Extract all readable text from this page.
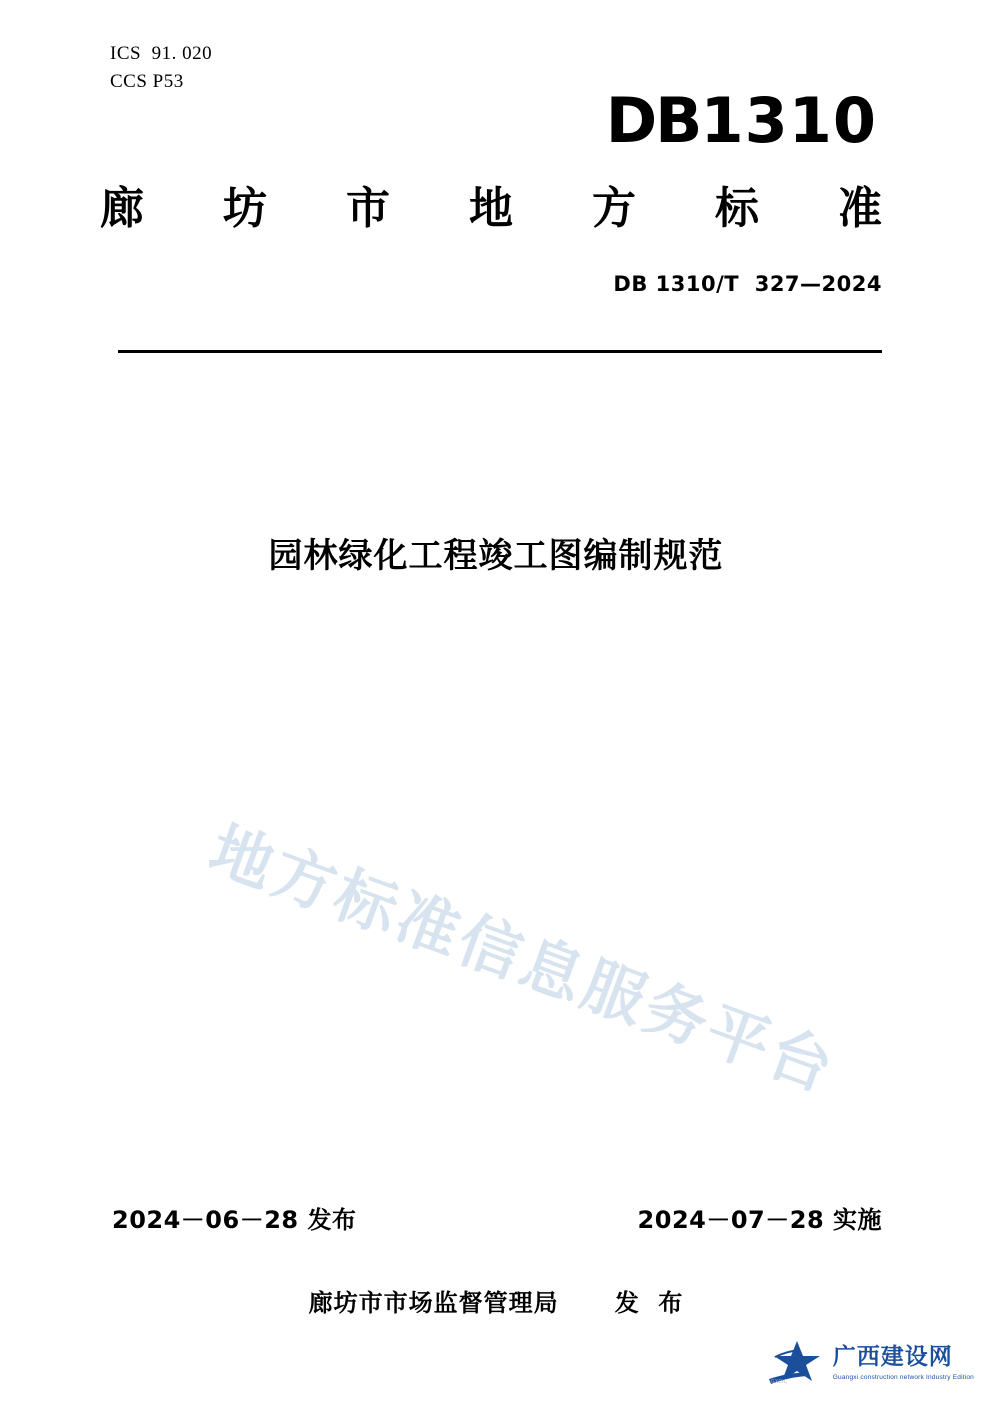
ICS 91. 020
CCS P53
DB1310
廊 坊 市 地 方 标 准
DB 1310/T  327—2024
园林绿化工程竣工图编制规范
地方标准信息服务平台
2024－06－28 发布	2024－07－28 实施
廊坊市市场监督管理局      发  布
GXCIC
广西建设网
Guangxi construction network Industry Edition
